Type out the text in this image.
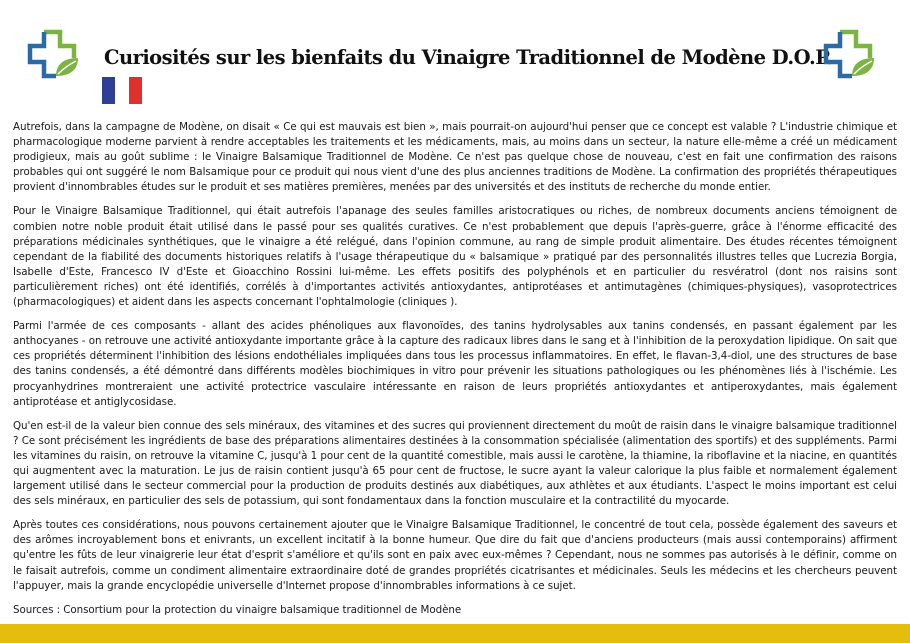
Curiosités sur les bienfaits du Vinaigre Traditionnel de Modène D.O.P.

Autrefois, dans la campagne de Modène, on disait « Ce qui est mauvais est bien », mais pourrait-on aujourd'hui penser que ce concept est valable ? L'industrie chimique et pharmacologique moderne parvient à rendre acceptables les traitements et les médicaments, mais, au moins dans un secteur, la nature elle-même a créé un médicament prodigieux, mais au goût sublime : le Vinaigre Balsamique Traditionnel de Modène. Ce n'est pas quelque chose de nouveau, c'est en fait une confirmation des raisons probables qui ont suggéré le nom Balsamique pour ce produit qui nous vient d'une des plus anciennes traditions de Modène. La confirmation des propriétés thérapeutiques provient d'innombrables études sur le produit et ses matières premières, menées par des universités et des instituts de recherche du monde entier.

Pour le Vinaigre Balsamique Traditionnel, qui était autrefois l'apanage des seules familles aristocratiques ou riches, de nombreux documents anciens témoignent de combien notre noble produit était utilisé dans le passé pour ses qualités curatives. Ce n'est probablement que depuis l'après-guerre, grâce à l'énorme efficacité des préparations médicinales synthétiques, que le vinaigre a été relégué, dans l'opinion commune, au rang de simple produit alimentaire. Des études récentes témoignent cependant de la fiabilité des documents historiques relatifs à l'usage thérapeutique du « balsamique » pratiqué par des personnalités illustres telles que Lucrezia Borgia, Isabelle d'Este, Francesco IV d'Este et Gioacchino Rossini lui-même. Les effets positifs des polyphénols et en particulier du resvératrol (dont nos raisins sont particulièrement riches) ont été identifiés, corrélés à d'importantes activités antioxydantes, antiprotéases et antimutagènes (chimiques-physiques), vasoprotectrices (pharmacologiques) et aident dans les aspects concernant l'ophtalmologie (cliniques ).

Parmi l'armée de ces composants - allant des acides phénoliques aux flavonoïdes, des tanins hydrolysables aux tanins condensés, en passant également par les anthocyanes - on retrouve une activité antioxydante importante grâce à la capture des radicaux libres dans le sang et à l'inhibition de la peroxydation lipidique. On sait que ces propriétés déterminent l'inhibition des lésions endothéliales impliquées dans tous les processus inflammatoires. En effet, le flavan-3,4-diol, une des structures de base des tanins condensés, a été démontré dans différents modèles biochimiques in vitro pour prévenir les situations pathologiques ou les phénomènes liés à l'ischémie. Les procyanhydrines montreraient une activité protectrice vasculaire intéressante en raison de leurs propriétés antioxydantes et antiperoxydantes, mais également antiprotéase et antiglycosidase.

Qu'en est-il de la valeur bien connue des sels minéraux, des vitamines et des sucres qui proviennent directement du moût de raisin dans le vinaigre balsamique traditionnel ? Ce sont précisément les ingrédients de base des préparations alimentaires destinées à la consommation spécialisée (alimentation des sportifs) et des suppléments. Parmi les vitamines du raisin, on retrouve la vitamine C, jusqu'à 1 pour cent de la quantité comestible, mais aussi le carotène, la thiamine, la riboflavine et la niacine, en quantités qui augmentent avec la maturation. Le jus de raisin contient jusqu'à 65 pour cent de fructose, le sucre ayant la valeur calorique la plus faible et normalement également largement utilisé dans le secteur commercial pour la production de produits destinés aux diabétiques, aux athlètes et aux étudiants. L'aspect le moins important est celui des sels minéraux, en particulier des sels de potassium, qui sont fondamentaux dans la fonction musculaire et la contractilité du myocarde.

Après toutes ces considérations, nous pouvons certainement ajouter que le Vinaigre Balsamique Traditionnel, le concentré de tout cela, possède également des saveurs et des arômes incroyablement bons et enivrants, un excellent incitatif à la bonne humeur. Que dire du fait que d'anciens producteurs (mais aussi contemporains) affirment qu'entre les fûts de leur vinaigrerie leur état d'esprit s'améliore et qu'ils sont en paix avec eux-mêmes ? Cependant, nous ne sommes pas autorisés à le définir, comme on le faisait autrefois, comme un condiment alimentaire extraordinaire doté de grandes propriétés cicatrisantes et médicinales. Seuls les médecins et les chercheurs peuvent l'appuyer, mais la grande encyclopédie universelle d'Internet propose d'innombrables informations à ce sujet.

Sources : Consortium pour la protection du vinaigre balsamique traditionnel de Modène
